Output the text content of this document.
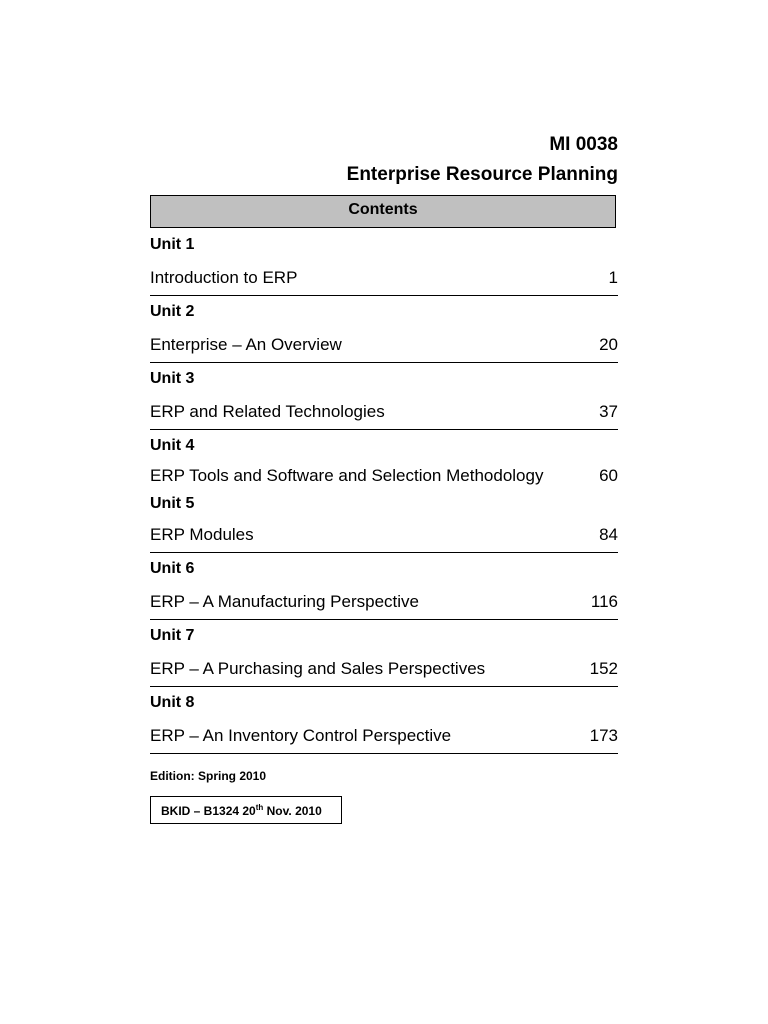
MI 0038
Enterprise Resource Planning
Contents
Unit 1
Introduction to ERP	1
Unit 2
Enterprise – An Overview	20
Unit 3
ERP and Related Technologies	37
Unit 4
ERP Tools and Software and Selection Methodology	60
Unit 5
ERP Modules	84
Unit 6
ERP – A Manufacturing Perspective	116
Unit 7
ERP – A Purchasing and Sales Perspectives	152
Unit 8
ERP – An Inventory Control Perspective	173
Edition: Spring 2010
BKID – B1324 20th Nov. 2010
